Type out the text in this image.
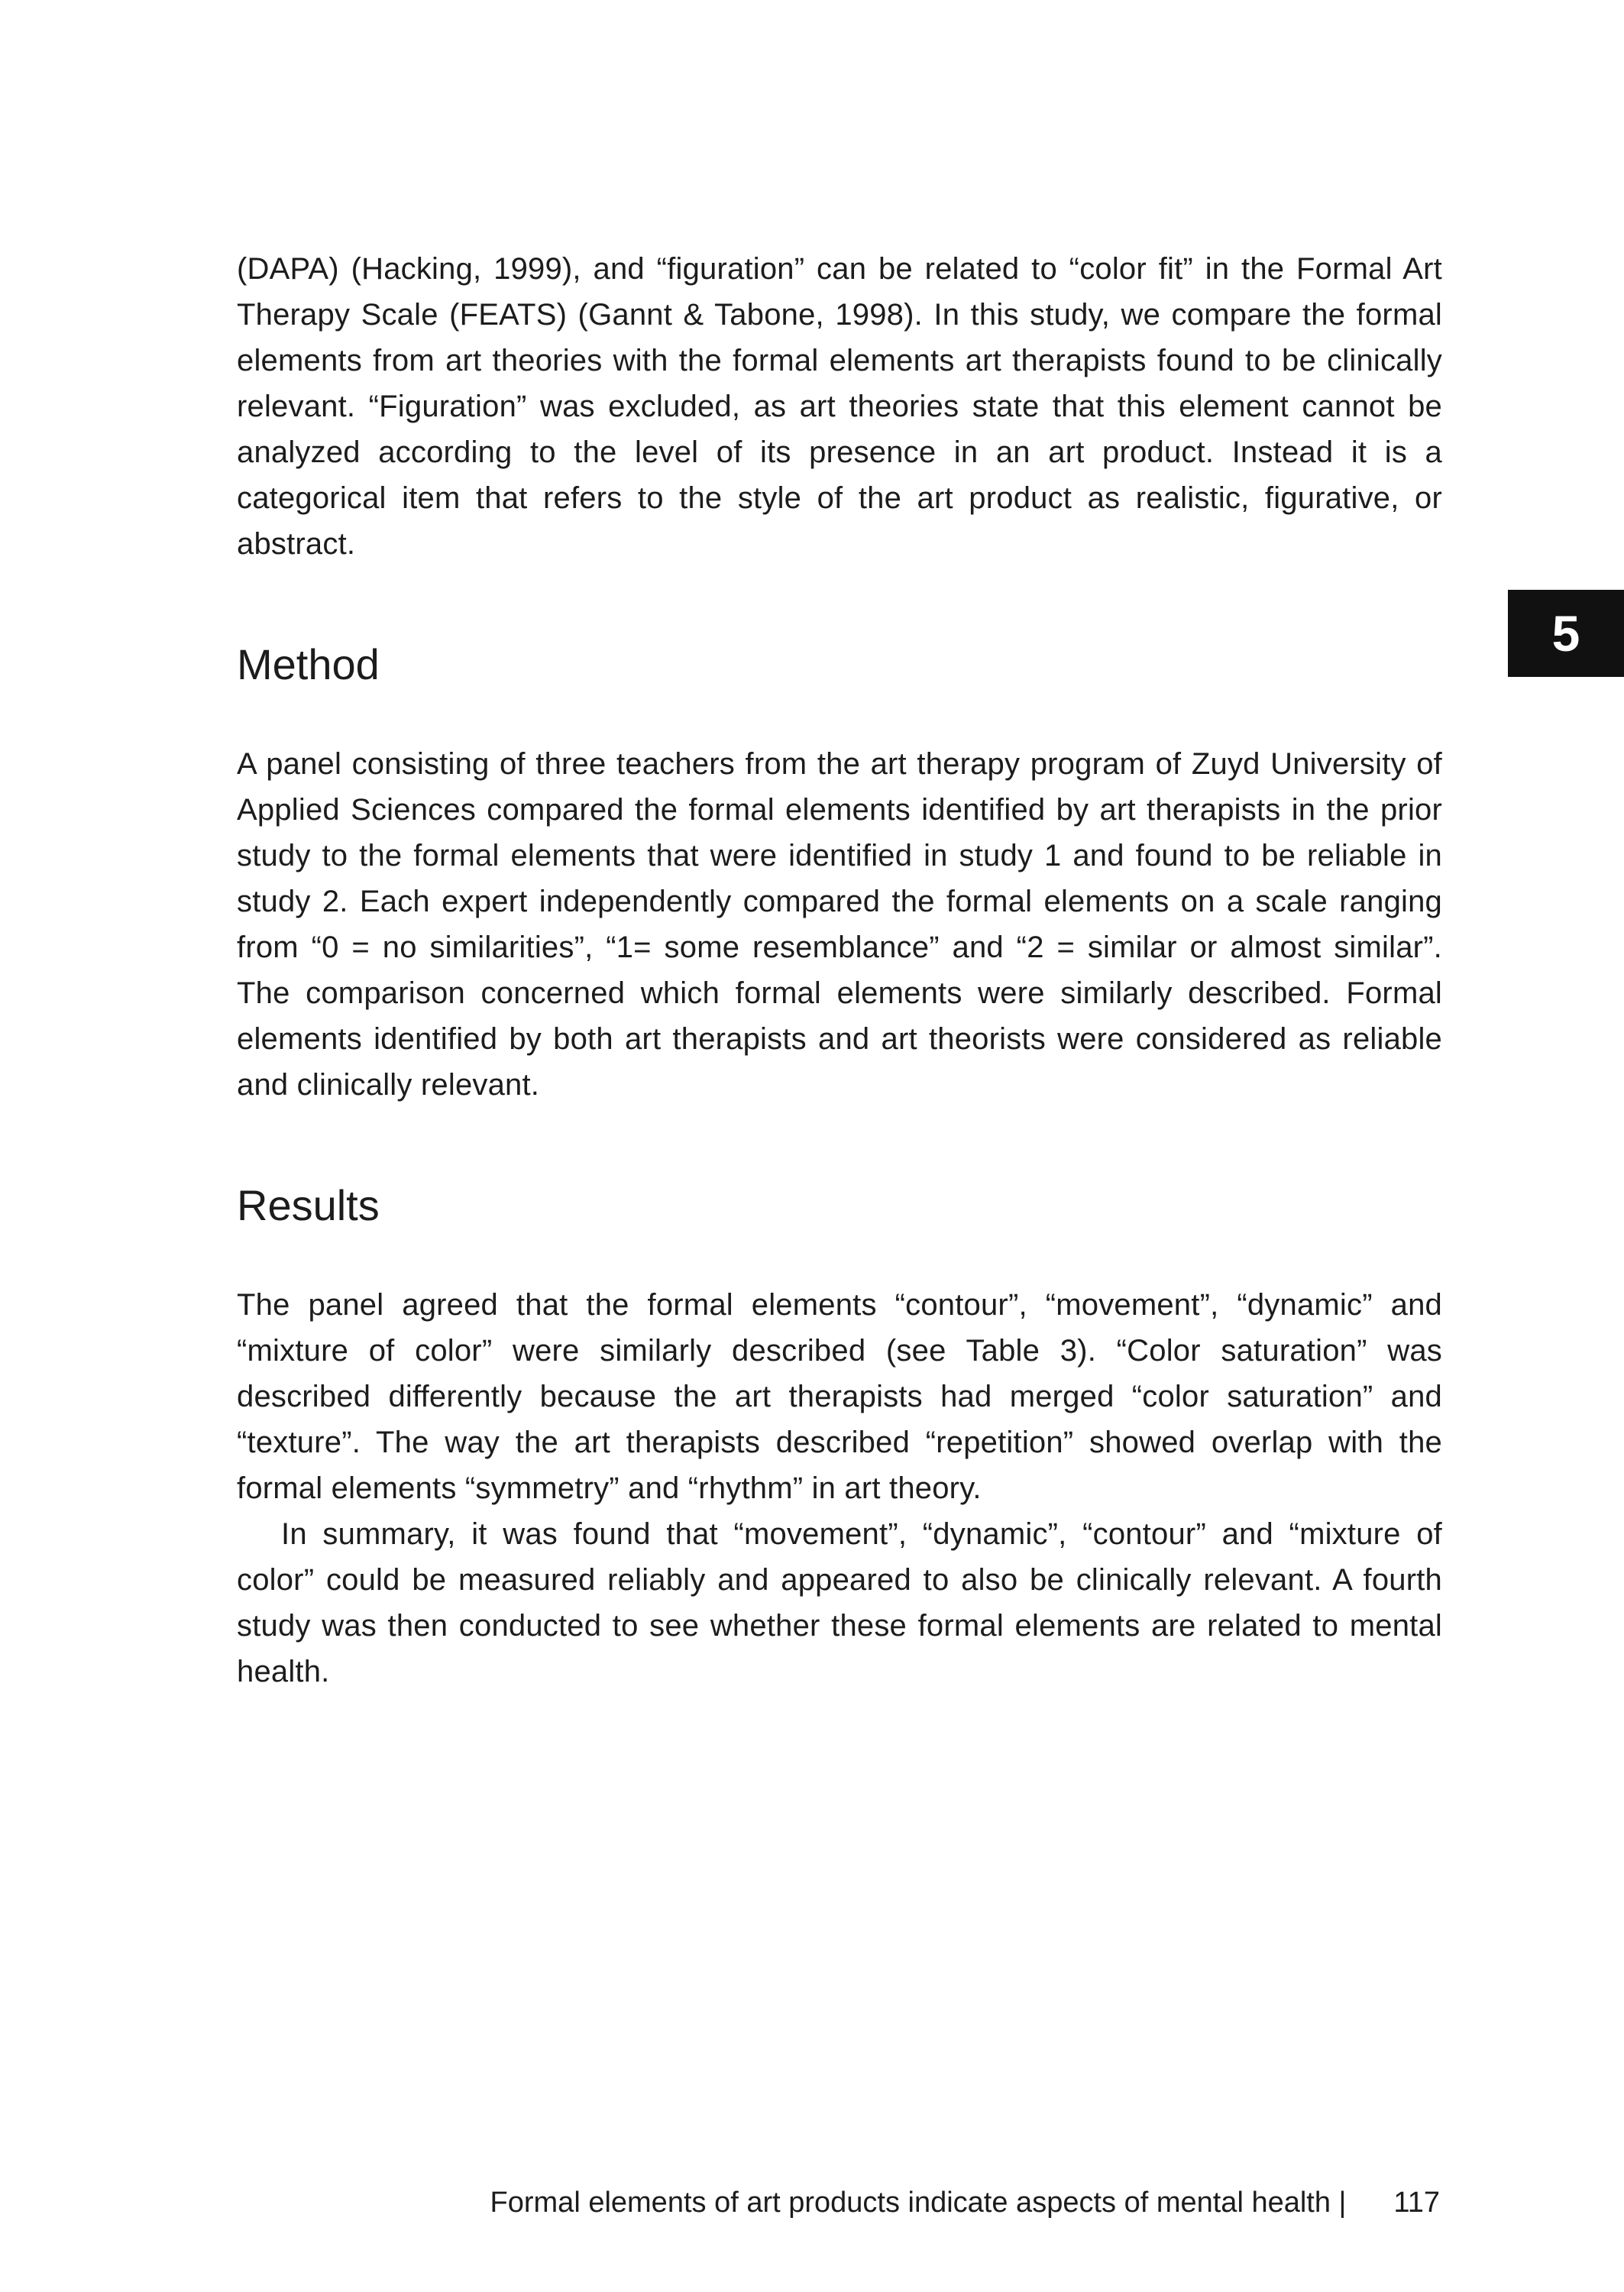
(DAPA) (Hacking, 1999), and “figuration” can be related to “color fit” in the Formal Art Therapy Scale (FEATS) (Gannt & Tabone, 1998). In this study, we compare the formal elements from art theories with the formal elements art therapists found to be clinically relevant. “Figuration” was excluded, as art theories state that this element cannot be analyzed according to the level of its presence in an art product. Instead it is a categorical item that refers to the style of the art product as realistic, figurative, or abstract.

Method

A panel consisting of three teachers from the art therapy program of Zuyd University of Applied Sciences compared the formal elements identified by art therapists in the prior study to the formal elements that were identified in study 1 and found to be reliable in study 2. Each expert independently compared the formal elements on a scale ranging from “0 = no similarities”, “1= some resemblance” and “2 = similar or almost similar”. The comparison concerned which formal elements were similarly described. Formal elements identified by both art therapists and art theorists were considered as reliable and clinically relevant.

Results

The panel agreed that the formal elements “contour”, “movement”, “dynamic” and “mixture of color” were similarly described (see Table 3). “Color saturation” was described differently because the art therapists had merged “color saturation” and “texture”. The way the art therapists described “repetition” showed overlap with the formal elements “symmetry” and “rhythm” in art theory.

In summary, it was found that “movement”, “dynamic”, “contour” and “mixture of color” could be measured reliably and appeared to also be clinically relevant. A fourth study was then conducted to see whether these formal elements are related to mental health.

5
Formal elements of art products indicate aspects of mental health | 117
